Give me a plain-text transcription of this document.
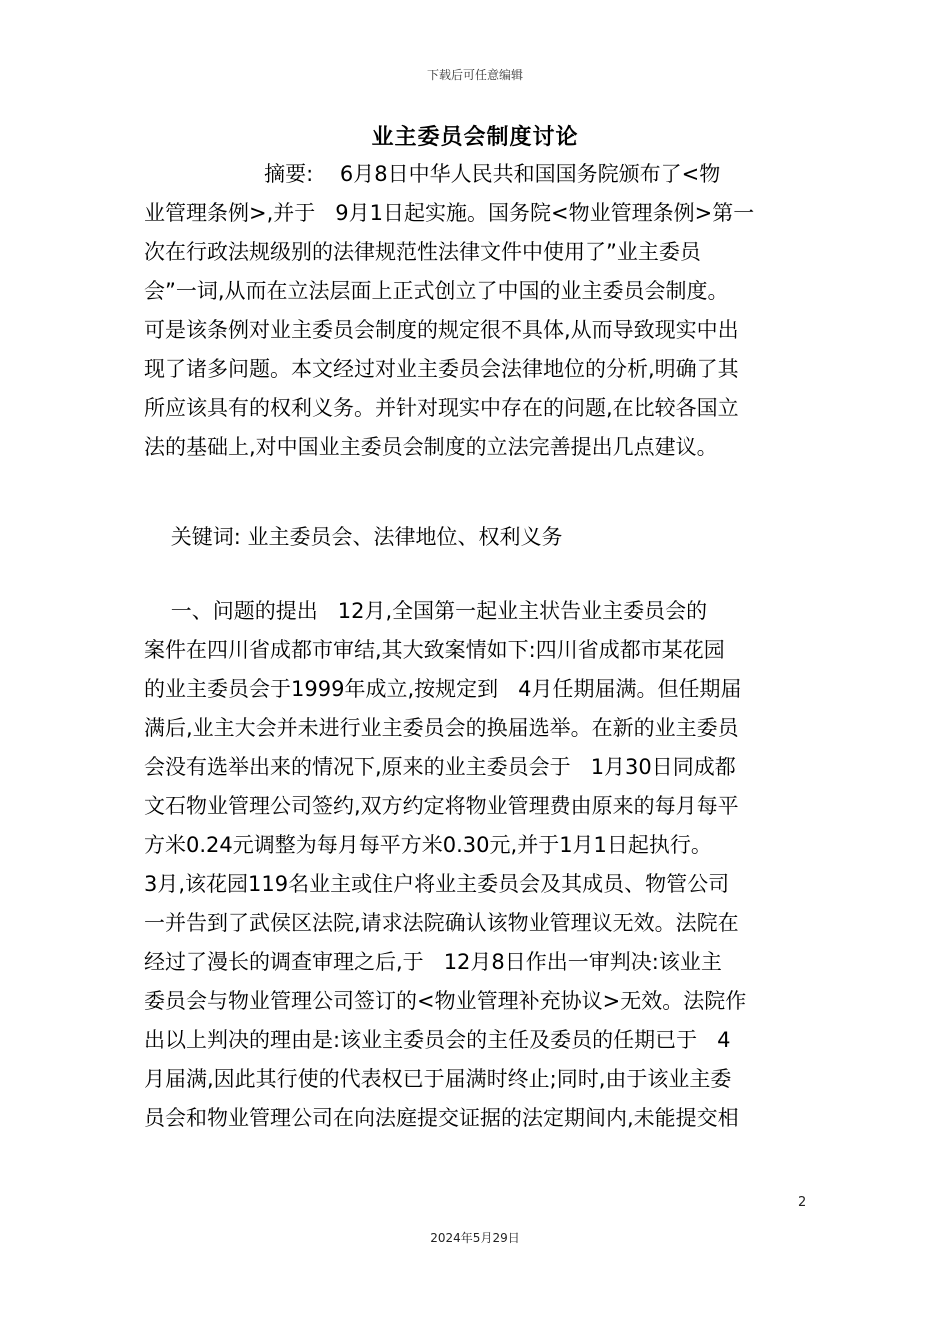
下载后可任意编辑
业主委员会制度讨论
摘要:    6月8日中华人民共和国国务院颁布了<物
业管理条例>,并于   9月1日起实施。国务院<物业管理条例>第一
次在行政法规级别的法律规范性法律文件中使用了”业主委员
会”一词,从而在立法层面上正式创立了中国的业主委员会制度。
可是该条例对业主委员会制度的规定很不具体,从而导致现实中出
现了诸多问题。本文经过对业主委员会法律地位的分析,明确了其
所应该具有的权利义务。并针对现实中存在的问题,在比较各国立
法的基础上,对中国业主委员会制度的立法完善提出几点建议。
关键词: 业主委员会、法律地位、权利义务
一、问题的提出   12月,全国第一起业主状告业主委员会的
案件在四川省成都市审结,其大致案情如下:四川省成都市某花园
的业主委员会于1999年成立,按规定到   4月任期届满。但任期届
满后,业主大会并未进行业主委员会的换届选举。在新的业主委员
会没有选举出来的情况下,原来的业主委员会于   1月30日同成都
文石物业管理公司签约,双方约定将物业管理费由原来的每月每平
方米0.24元调整为每月每平方米0.30元,并于1月1日起执行。
3月,该花园119名业主或住户将业主委员会及其成员、物管公司
一并告到了武侯区法院,请求法院确认该物业管理议无效。法院在
经过了漫长的调查审理之后,于   12月8日作出一审判决:该业主
委员会与物业管理公司签订的<物业管理补充协议>无效。法院作
出以上判决的理由是:该业主委员会的主任及委员的任期已于   4
月届满,因此其行使的代表权已于届满时终止;同时,由于该业主委
员会和物业管理公司在向法庭提交证据的法定期间内,未能提交相
2
2024年5月29日
